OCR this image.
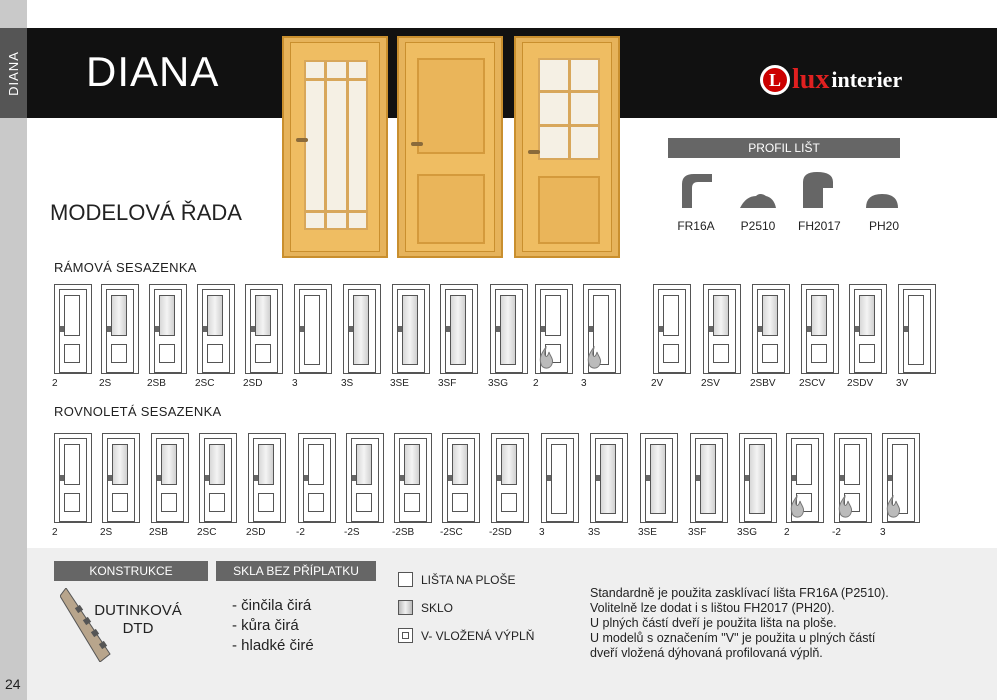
DIANA
24
DIANA	L lux interier
MODELOVÁ ŘADA
PROFIL LIŠT
FR16A P2510 FH2017	PH20
RÁMOVÁ SESAZENKA
ROVNOLETÁ SESAZENKA
2	2S	2SB	2SC	2SD	3	3S	3SE	3SF	3SG 2	3	2V	2SV	2SBV 2SCV 2SDV 3V
2	2S	2SB	2SC	2SD	-2	-2S	-2SB	-2SC	-2SD	3	3S	3SE	3SF	3SG	2	-2	3
KONSTRUKCE	SKLA BEZ PŘÍPLATKU
DUTINKOVÁ
DTD
- činčila čirá
- kůra čirá
- hladké čiré
LIŠTA NA PLOŠE
SKLO
V- VLOŽENÁ VÝPLŇ
Standardně je použita zasklívací lišta FR16A (P2510).
Volitelně lze dodat i s lištou FH2017 (PH20).
U plných částí dveří je použita lišta na ploše.
U modelů s označením "V" je použita u plných částí
dveří vložená dýhovaná profilovaná výplň.
